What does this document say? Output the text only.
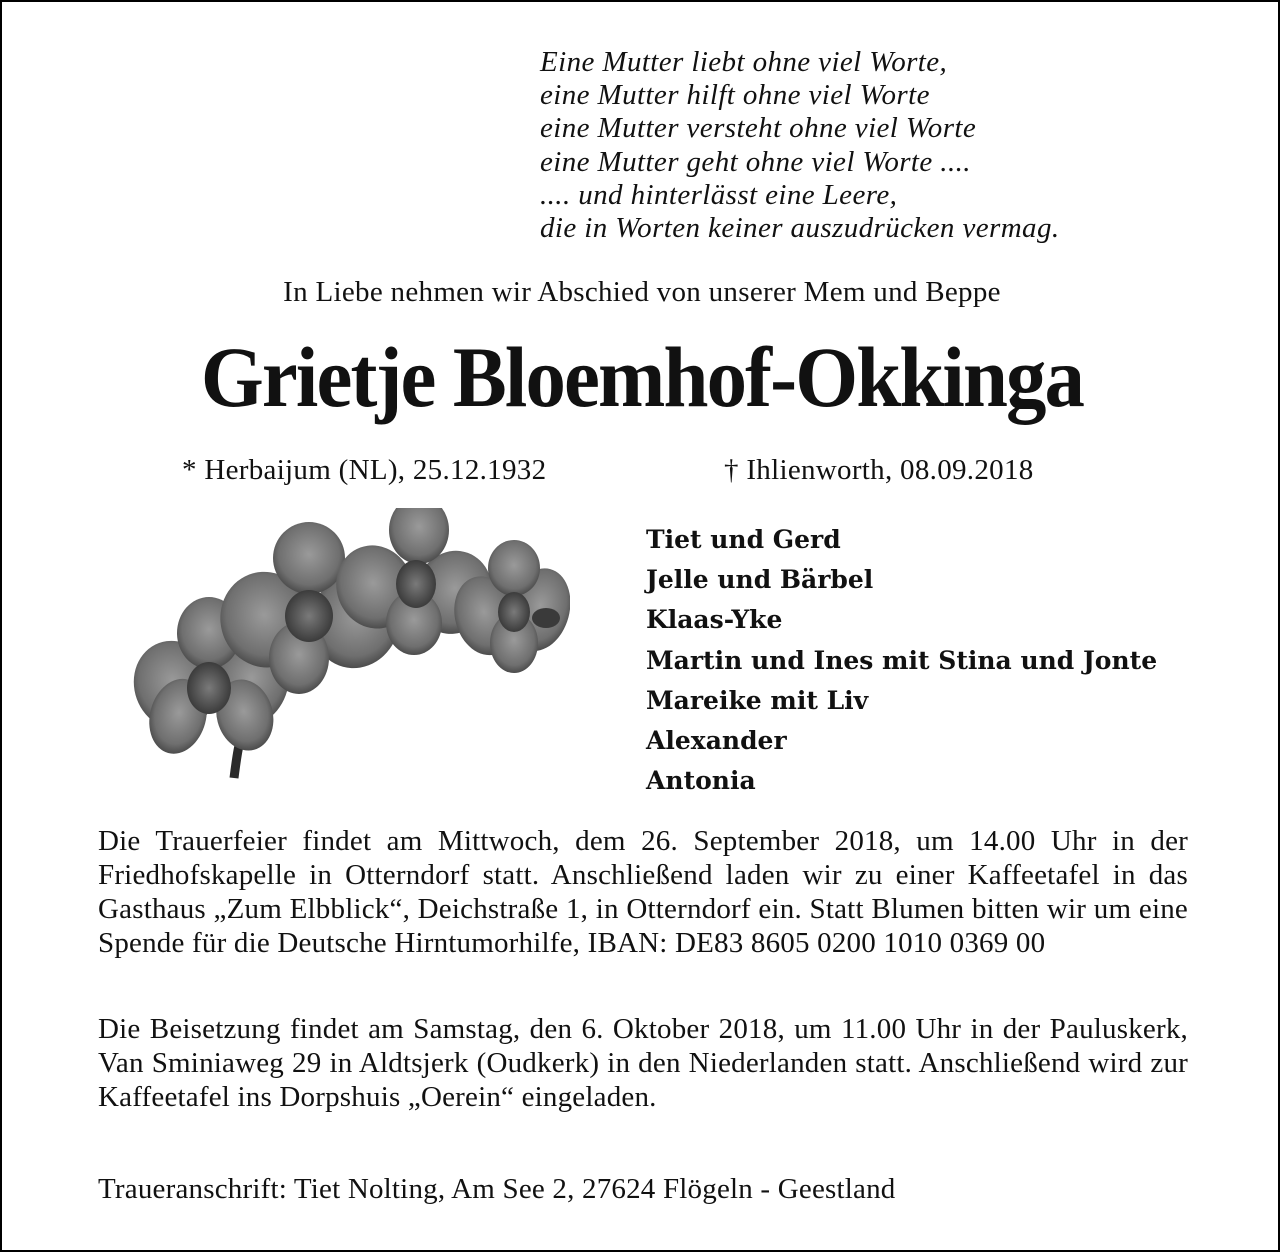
Eine Mutter liebt ohne viel Worte,
eine Mutter hilft ohne viel Worte
eine Mutter versteht ohne viel Worte
eine Mutter geht ohne viel Worte ....
.... und hinterlässt eine Leere,
die in Worten keiner auszudrücken vermag.
In Liebe nehmen wir Abschied von unserer Mem und Beppe
Grietje Bloemhof-Okkinga
* Herbaijum (NL), 25.12.1932	† Ihlienworth, 08.09.2018
Tiet und Gerd
Jelle und Bärbel
Klaas-Yke
Martin und Ines mit Stina und Jonte
Mareike mit Liv
Alexander
Antonia
Die Trauerfeier findet am Mittwoch, dem 26. September 2018, um 14.00 Uhr in der Friedhofskapelle in Otterndorf statt. Anschließend laden wir zu einer Kaffeetafel in das Gasthaus „Zum Elbblick“, Deichstraße 1, in Otterndorf ein. Statt Blumen bitten wir um eine Spende für die Deutsche Hirntumorhilfe, IBAN: DE83 8605 0200 1010 0369 00
Die Beisetzung findet am Samstag, den 6. Oktober 2018, um 11.00 Uhr in der Pauluskerk, Van Sminiaweg 29 in Aldtsjerk (Oudkerk) in den Niederlanden statt. Anschließend wird zur Kaffeetafel ins Dorpshuis „Oerein“ eingeladen.
Traueranschrift: Tiet Nolting, Am See 2, 27624 Flögeln - Geestland
